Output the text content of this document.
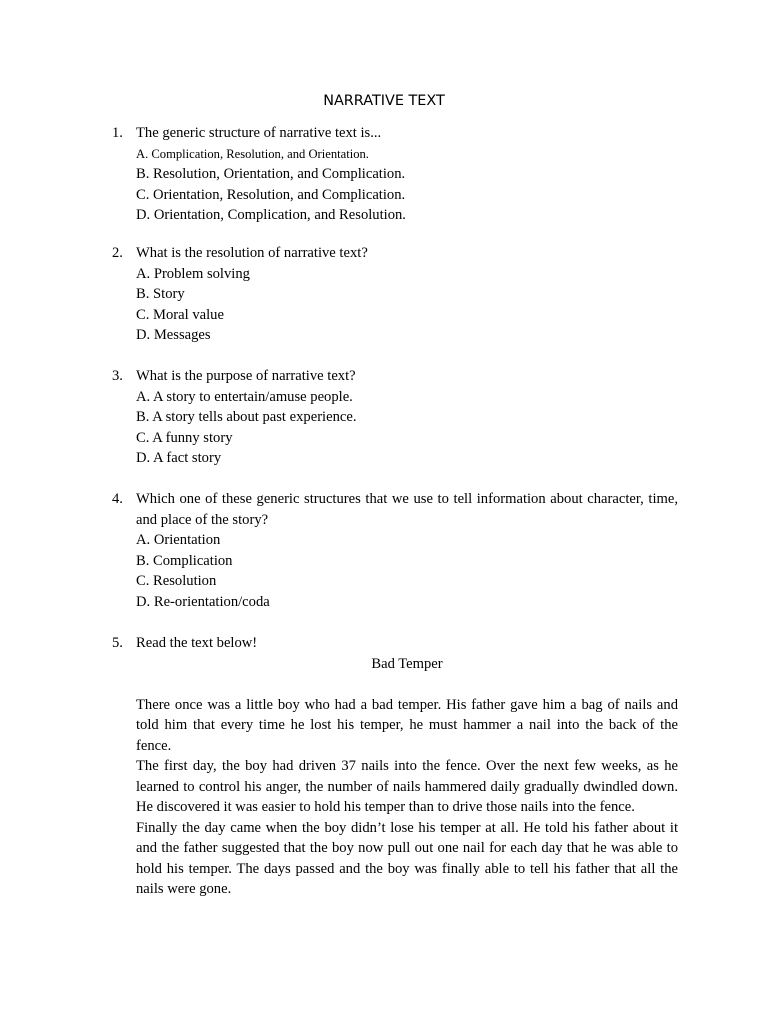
NARRATIVE TEXT
1. The generic structure of narrative text is...
A. Complication, Resolution, and Orientation.
B. Resolution, Orientation, and Complication.
C. Orientation, Resolution, and Complication.
D. Orientation, Complication, and Resolution.
2. What is the resolution of narrative text?
A. Problem solving
B. Story
C. Moral value
D. Messages
3. What is the purpose of narrative text?
A. A story to entertain/amuse people.
B. A story tells about past experience.
C. A funny story
D. A fact story
4. Which one of these generic structures that we use to tell information about character, time, and place of the story?
A. Orientation
B. Complication
C. Resolution
D. Re-orientation/coda
5. Read the text below!
Bad Temper

There once was a little boy who had a bad temper. His father gave him a bag of nails and told him that every time he lost his temper, he must hammer a nail into the back of the fence.

The first day, the boy had driven 37 nails into the fence. Over the next few weeks, as he learned to control his anger, the number of nails hammered daily gradually dwindled down. He discovered it was easier to hold his temper than to drive those nails into the fence.

Finally the day came when the boy didn’t lose his temper at all. He told his father about it and the father suggested that the boy now pull out one nail for each day that he was able to hold his temper. The days passed and the boy was finally able to tell his father that all the nails were gone.
